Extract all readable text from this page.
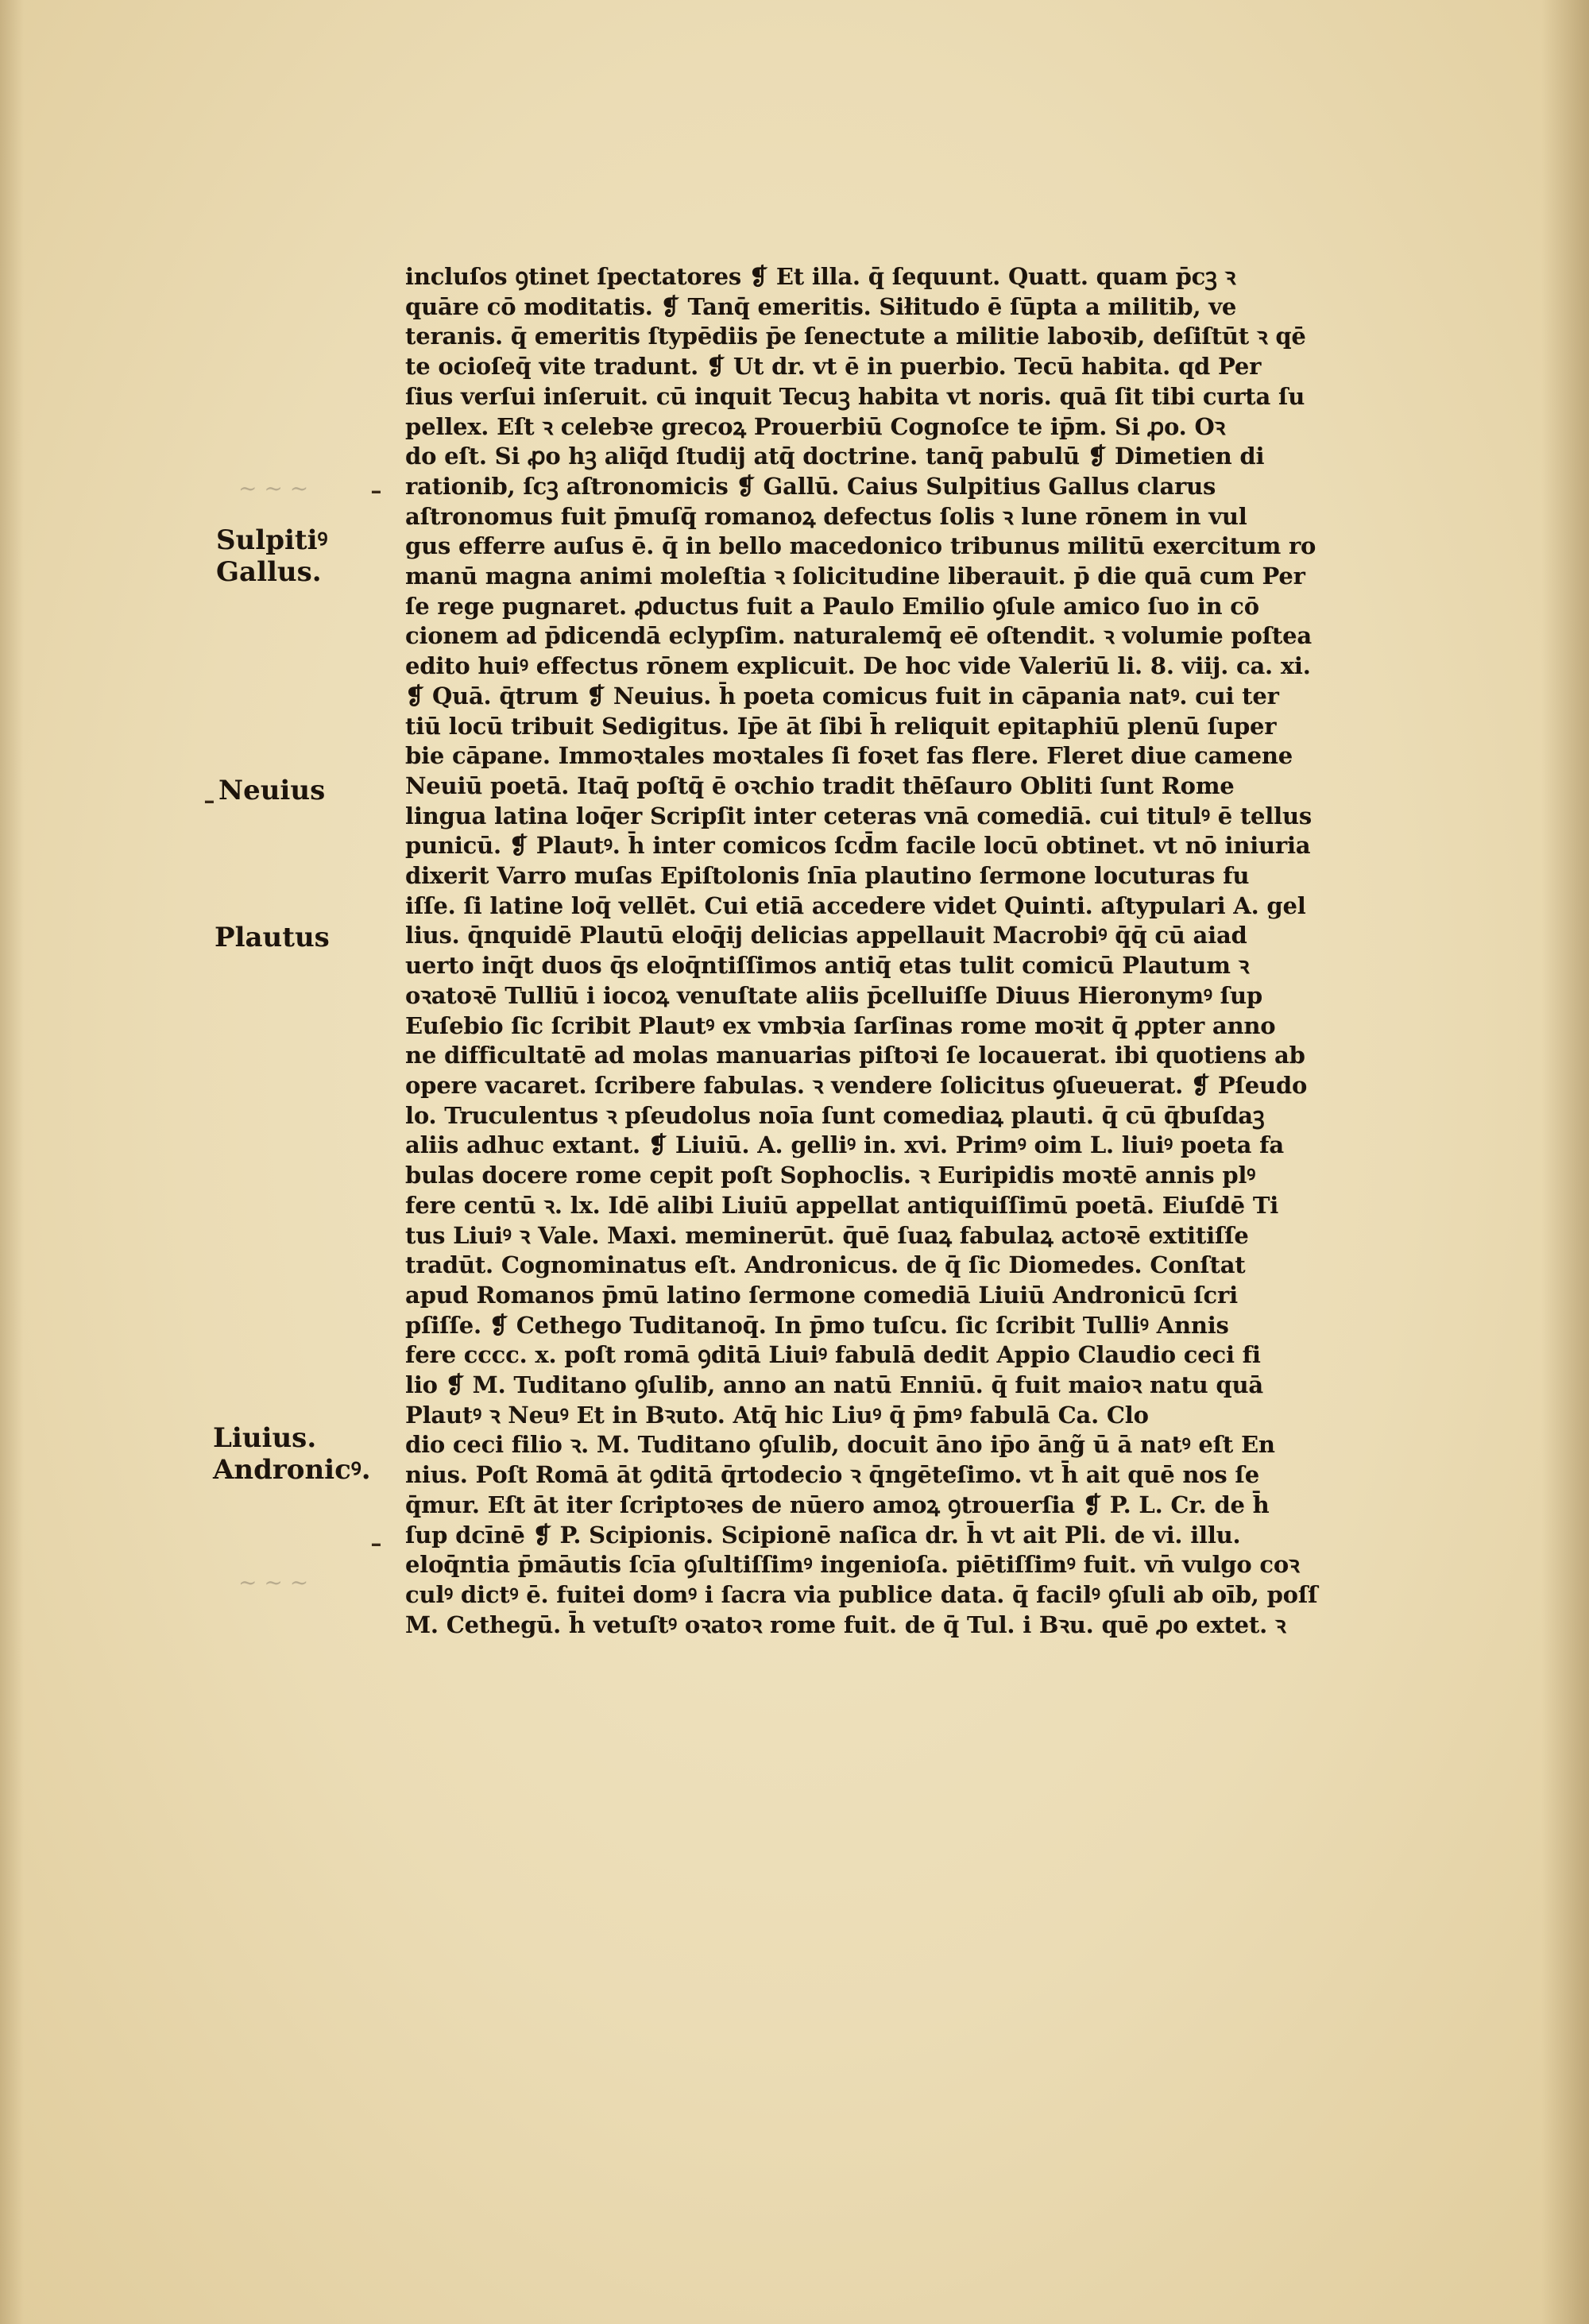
~ ~ ~
~ ~ ~
-
-
-
Sulpitiꝰ
Gallus.
Neuius
Plautus
Liuius.
Andronicꝰ.
incluſos ꝯtinet ſpectatores ❡ Et illa. q̄ ſequunt. Quatt. quam p̄cꝫ ꝛ
quāre cō moditatis. ❡ Tanq̄ emeritis. Siłitudo ē ſūpta a militib, ve
teranis. q̄ emeritis ſtypēdiis p̄e ſenectute a militie laboꝛib, deſiſtūt ꝛ qē
te ocioſeq̄ vite tradunt. ❡ Ut dr. vt ē in puerbio. Tecū habita. qd Per
ſius verſui inſeruit. cū inquit Tecuꝫ habita vt noris. quā ſit tibi curta ſu
pellex. Eſt ꝛ celebꝛe grecoꝝ Prouerbiū Cognoſce te ip̄m. Si ꝓo. Oꝛ
do eſt. Si ꝓo hꝫ aliq̄d ſtudij atq̄ doctrine. tanq̄ pabulū ❡ Dimetien di
rationib, ſcꝫ aſtronomicis ❡ Gallū. Caius Sulpitius Gallus clarus
aſtronomus fuit p̄muſq̄ romanoꝝ defectus ſolis ꝛ lune rōnem in vul
gus efferre auſus ē. q̄ in bello macedonico tribunus militū exercitum ro
manū magna animi moleſtia ꝛ ſolicitudine liberauit. p̄ die quā cum Per
ſe rege pugnaret. ꝓductus fuit a Paulo Emilio ꝯſule amico ſuo in cō
cionem ad p̄dicendā eclypſim. naturalemq̄ eē oſtendit. ꝛ volumie poſtea
edito huiꝰ effectus rōnem explicuit. De hoc vide Valeriū li. 8. viij. ca. xi.
❡ Quā. q̄trum ❡ Neuius. h̄ poeta comicus fuit in cāpania natꝰ. cui ter
tiū locū tribuit Sedigitus. Ip̄e āt ſibi h̄ reliquit epitaphiū plenū ſuper
bie cāpane. Immoꝛtales moꝛtales ſi foꝛet fas flere. Fleret diue camene
Neuiū poetā. Itaq̄ poſtq̄ ē oꝛchio tradit thēſauro Obliti ſunt Rome
lingua latina loq̄er Scripſit inter ceteras vnā comediā. cui titulꝰ ē tellus
punicū. ❡ Plautꝰ. h̄ inter comicos ſcd̄m facile locū obtinet. vt nō iniuria
dixerit Varro muſas Epiſtolonis ſnīa plautino ſermone locuturas fu
iſſe. ſi latine loq̄ vellēt. Cui etiā accedere videt Quinti. aſtypulari A. gel
lius. q̄nquidē Plautū eloq̄ij delicias appellauit Macrobiꝰ q̄q̄ cū aiad
uerto inq̄t duos q̄s eloq̄ntiſſimos antiq̄ etas tulit comicū Plautum ꝛ
oꝛatoꝛē Tulliū i iocoꝝ venuſtate aliis p̄celluiſſe Diuus Hieronymꝰ ſup
Euſebio ſic ſcribit Plautꝰ ex vmbꝛia ſarſinas rome moꝛit q̄ ꝓpter anno
ne difficultatē ad molas manuarias piſtoꝛi ſe locauerat. ibi quotiens ab
opere vacaret. ſcribere fabulas. ꝛ vendere ſolicitus ꝯſueuerat. ❡ Pſeudo
lo. Truculentus ꝛ pſeudolus noīa ſunt comediaꝝ plauti. q̄ cū q̄buſdaꝫ
aliis adhuc extant. ❡ Liuiū. A. gelliꝰ in. xvi. Primꝰ oim L. liuiꝰ poeta fa
bulas docere rome cepit poſt Sophoclis. ꝛ Euripidis moꝛtē annis plꝰ
fere centū ꝛ. lx. Idē alibi Liuiū appellat antiquiſſimū poetā. Eiuſdē Ti
tus Liuiꝰ ꝛ Vale. Maxi. meminerūt. q̄uē ſuaꝝ fabulaꝝ actoꝛē extitiſſe
tradūt. Cognominatus eſt. Andronicus. de q̄ ſic Diomedes. Conſtat
apud Romanos p̄mū latino ſermone comediā Liuiū Andronicū ſcri
pſiſſe. ❡ Cethego Tuditanoq̄. In p̄mo tuſcu. ſic ſcribit Tulliꝰ Annis
fere cccc. x. poſt romā ꝯditā Liuiꝰ fabulā dedit Appio Claudio ceci fi
lio ❡ M. Tuditano ꝯſulib, anno an natū Enniū. q̄ fuit maioꝛ natu quā
Plautꝰ ꝛ Neuꝰ Et in Bꝛuto. Atq̄ hic Liuꝰ q̄ p̄mꝰ fabulā Ca. Clo
dio ceci filio ꝛ. M. Tuditano ꝯſulib, docuit āno ip̄o āng̃ ū ā natꝰ eſt En
nius. Poſt Romā āt ꝯditā q̄rtodecio ꝛ q̄ngēteſimo. vt h̄ ait quē nos ſe
q̄mur. Eſt āt iter ſcriptoꝛes de nūero amoꝝ ꝯtrouerſia ❡ P. L. Cr. de h̄
ſup dcīnē ❡ P. Scipionis. Scipionē naſica dr. h̄ vt ait Pli. de vi. illu.
eloq̄ntia p̄māutis ſcīa ꝯſultiſſimꝰ ingenioſa. piētiſſimꝰ fuit. vn̄ vulgo coꝛ
culꝰ dictꝰ ē. fuitei domꝰ i ſacra via publice data. q̄ facilꝰ ꝯſuli ab oīb, poſſ
M. Cethegū. h̄ vetuſtꝰ oꝛatoꝛ rome fuit. de q̄ Tul. i Bꝛu. quē ꝓo extet. ꝛ
